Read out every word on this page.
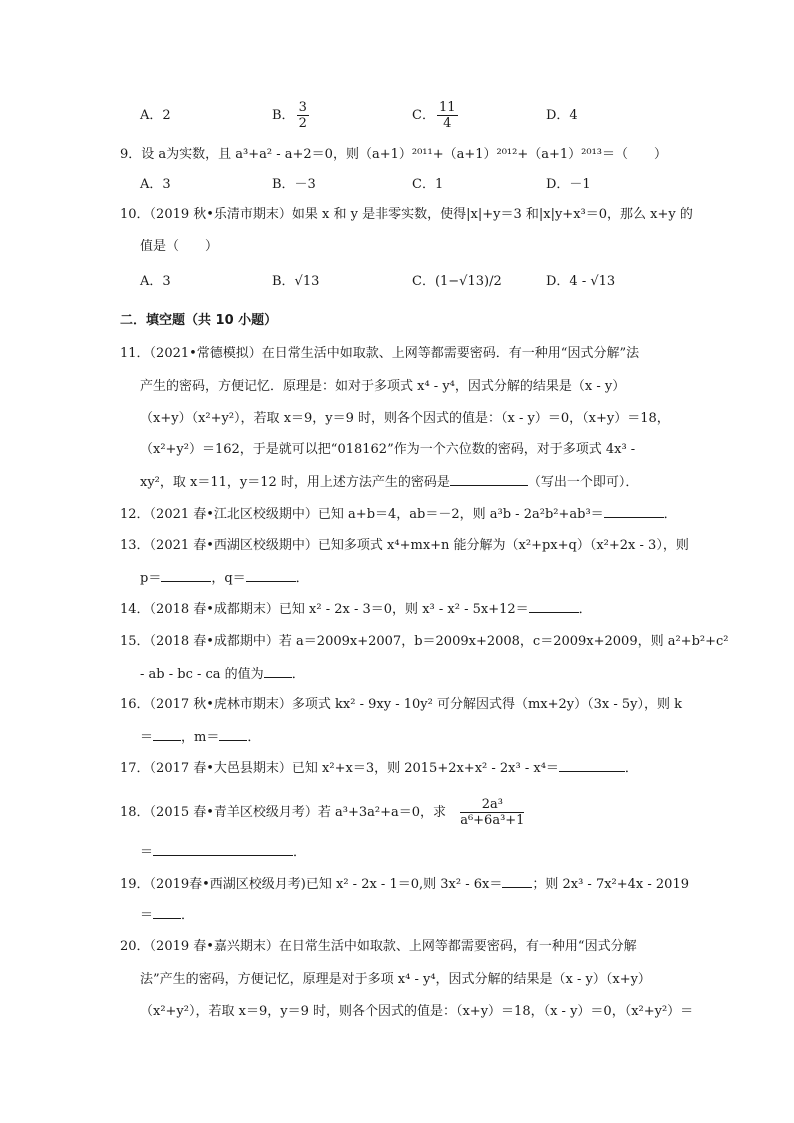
A．2	B． $\frac{3}{2}$	C． $\frac{11}{4}$	D．4
9．设 a为实数，且 a³+a² - a+2＝0，则（a+1）²⁰¹¹+（a+1）²⁰¹²+（a+1）²⁰¹³＝（　　）
A．3	B．－3	C．1	D．－1
10．（2019 秋•乐清市期末）如果 x 和 y 是非零实数，使得|x|+y＝3 和|x|y+x³＝0，那么 x+y 的
值是（　　）
A．3	B．√13	C．(1−√13)/2	D．4 - √13
二．填空题（共 10 小题）
11．（2021•常德模拟）在日常生活中如取款、上网等都需要密码．有一种用“因式分解”法
产生的密码，方便记忆．原理是：如对于多项式 x⁴ - y⁴，因式分解的结果是（x - y）
（x+y）（x²+y²），若取 x＝9，y＝9 时，则各个因式的值是：（x - y）＝0，（x+y）＝18，
（x²+y²）＝162，于是就可以把“018162”作为一个六位数的密码，对于多项式 4x³ -
xy²，取 x＝11，y＝12 时，用上述方法产生的密码是	（写出一个即可）．
12．（2021 春•江北区校级期中）已知 a+b＝4，ab＝－2，则 a³b - 2a²b²+ab³＝	．
13．（2021 春•西湖区校级期中）已知多项式 x⁴+mx+n 能分解为（x²+px+q）（x²+2x - 3），则
p＝	，q＝	．
14．（2018 春•成都期末）已知 x² - 2x - 3＝0，则 x³ - x² - 5x+12＝	．
15．（2018 春•成都期中）若 a＝2009x+2007，b＝2009x+2008，c＝2009x+2009，则 a²+b²+c²
- ab - bc - ca 的值为 ．
16．（2017 秋•虎林市期末）多项式 kx² - 9xy - 10y² 可分解因式得（mx+2y）（3x - 5y），则 k
＝ ，m＝ ．
17．（2017 春•大邑县期末）已知 x²+x＝3，则 2015+2x+x² - 2x³ - x⁴＝	．
18．（2015 春•青羊区校级月考）若 a³+3a²+a＝0，求 $\frac{\text{2a³}}{\text{a⁶+6a³+1}}$
＝	．
19．（2019春•西湖区校级月考)已知 x² - 2x - 1＝0,则 3x² - 6x＝ ；则 2x³ - 7x²+4x - 2019
＝ ．
20．（2019 春•嘉兴期末）在日常生活中如取款、上网等都需要密码，有一种用“因式分解
法”产生的密码，方便记忆，原理是对于多项 x⁴ - y⁴，因式分解的结果是（x - y）（x+y）
（x²+y²），若取 x＝9，y＝9 时，则各个因式的值是：（x+y）＝18，（x - y）＝0，（x²+y²）＝
